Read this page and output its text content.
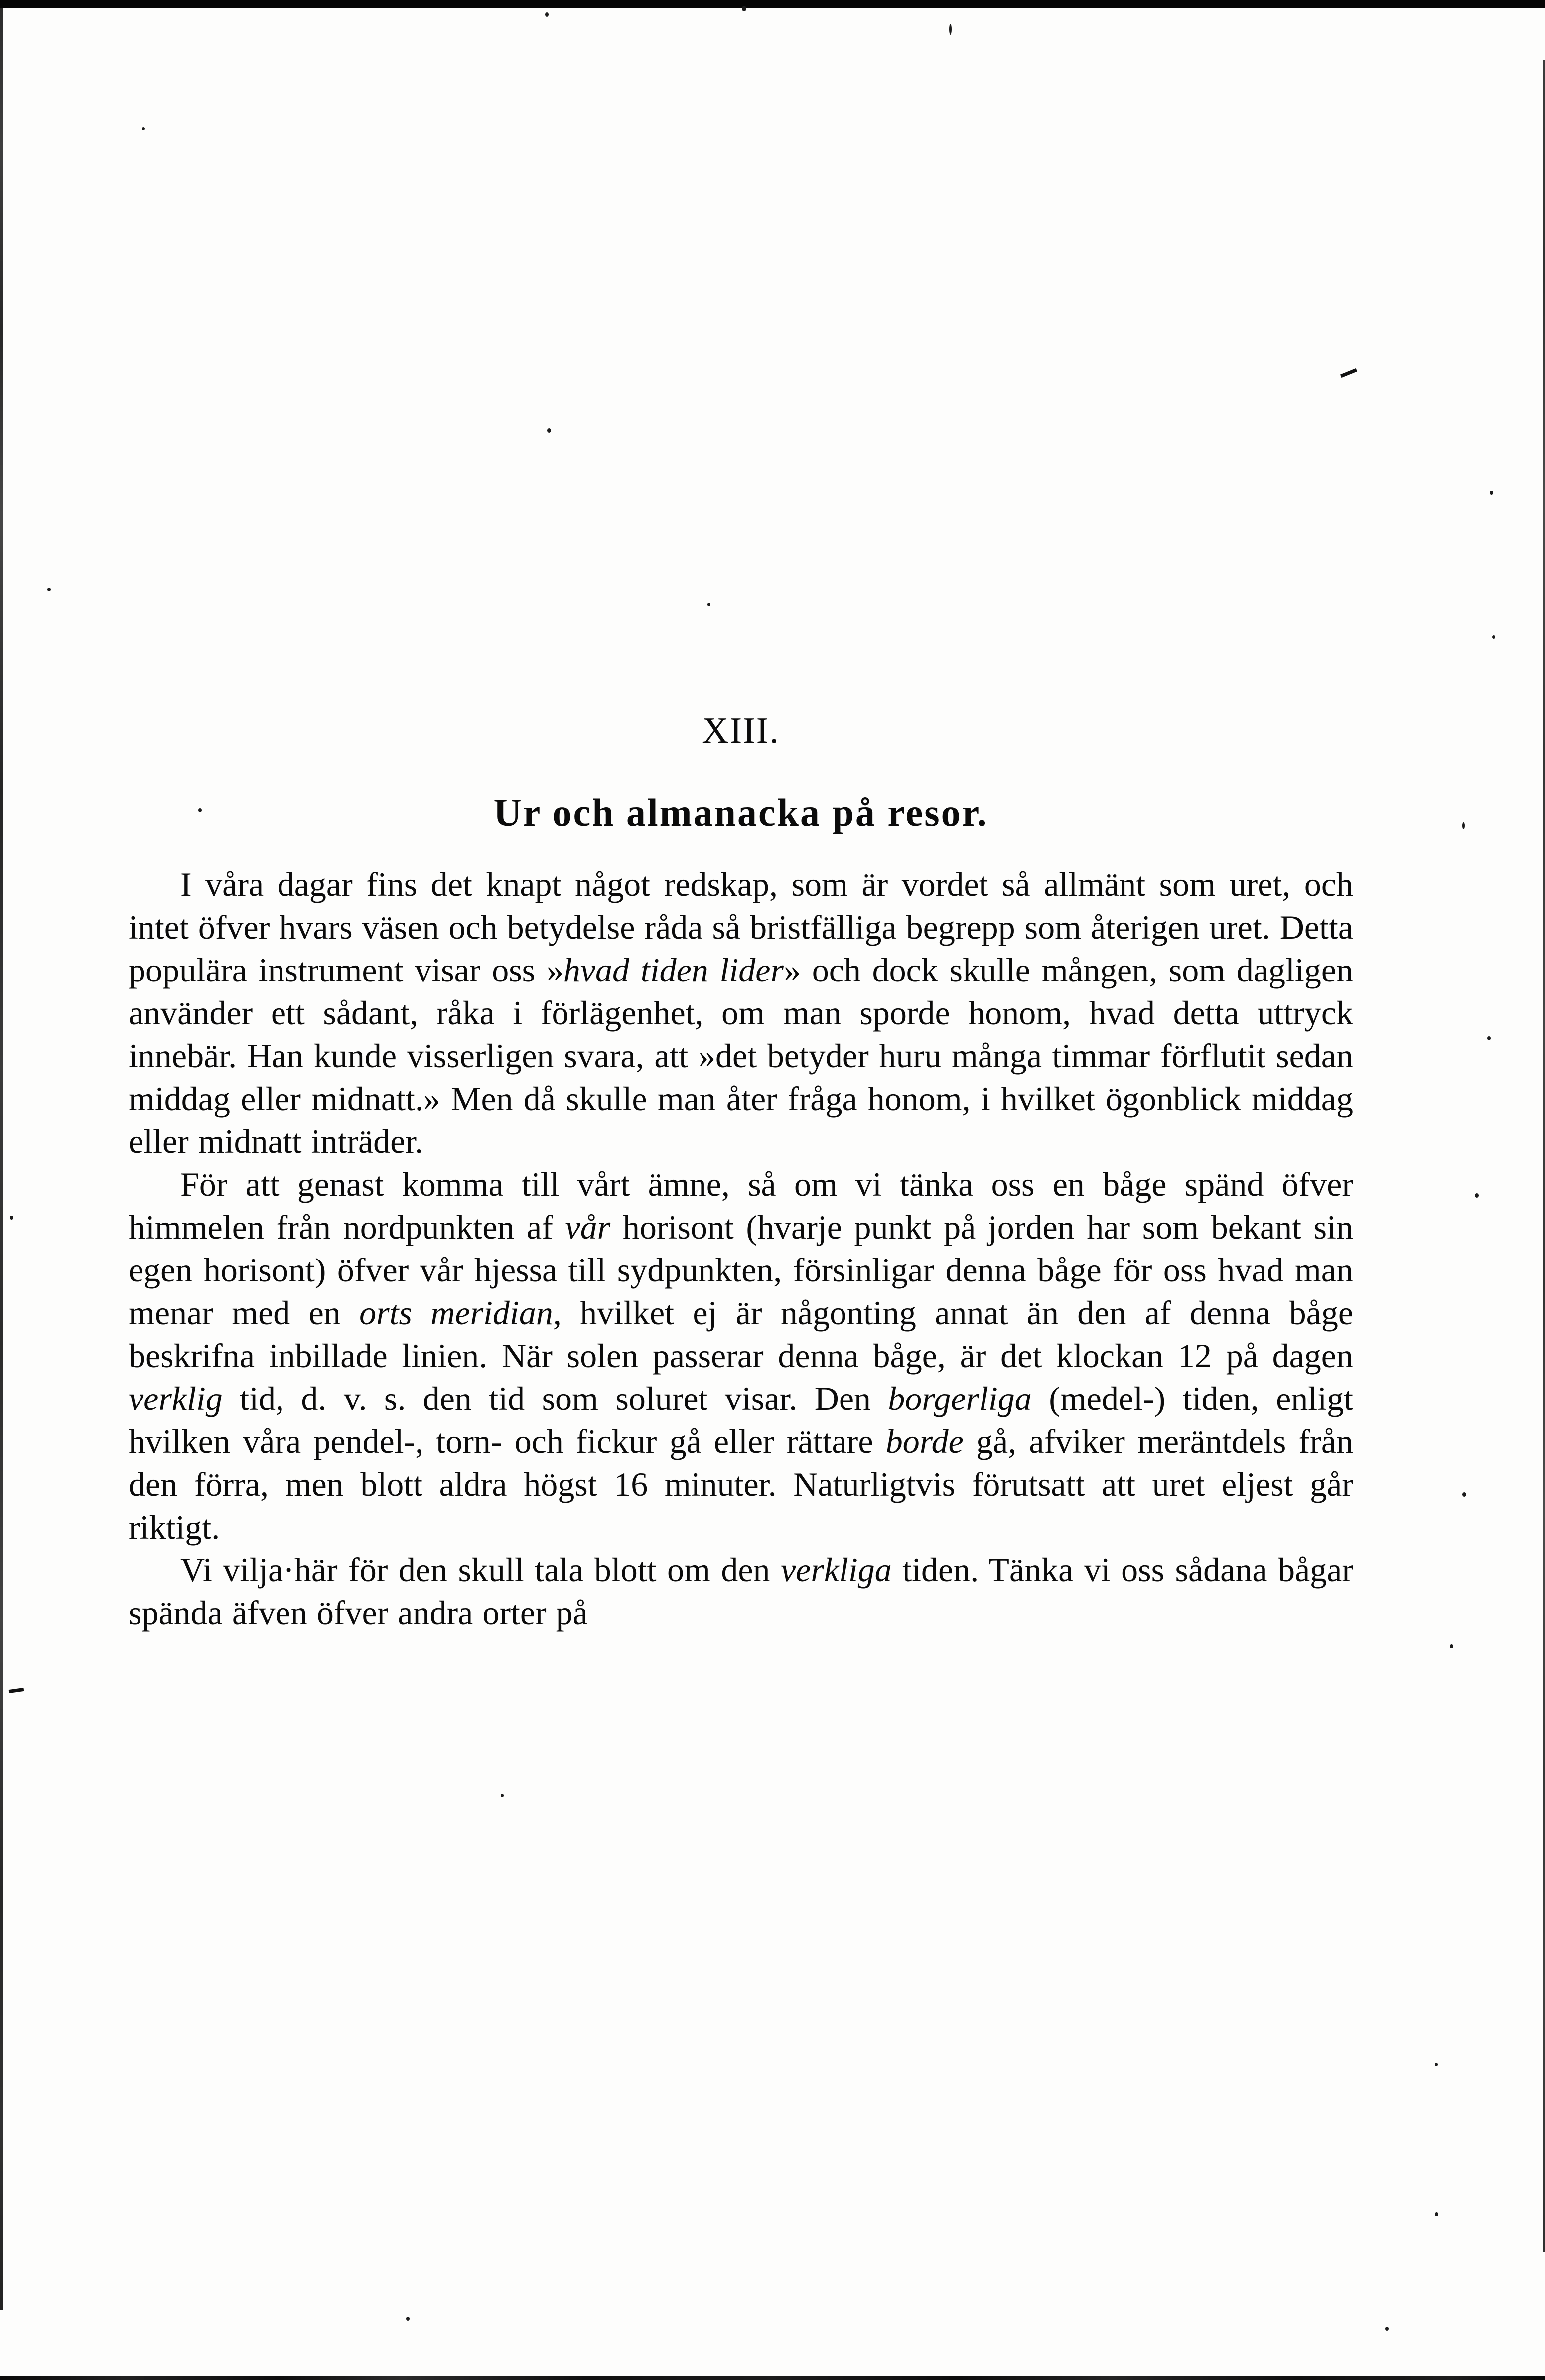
XIII.
Ur och almanacka på resor.

I våra dagar fins det knapt något redskap, som är vordet så allmänt som uret, och intet öfver hvars väsen och betydelse råda så bristfälliga begrepp som återigen uret. Detta populära instrument visar oss »hvad tiden lider» och dock skulle mången, som dagligen använder ett sådant, råka i förlägenhet, om man sporde honom, hvad detta uttryck innebär. Han kunde visserligen svara, att »det betyder huru många timmar förflutit sedan middag eller midnatt.» Men då skulle man åter fråga honom, i hvilket ögonblick middag eller midnatt inträder.

För att genast komma till vårt ämne, så om vi tänka oss en båge spänd öfver himmelen från nordpunkten af vår horisont (hvarje punkt på jorden har som bekant sin egen horisont) öfver vår hjessa till sydpunkten, försinligar denna båge för oss hvad man menar med en orts meridian, hvilket ej är någonting annat än den af denna båge beskrifna inbillade linien. När solen passerar denna båge, är det klockan 12 på dagen verklig tid, d. v. s. den tid som soluret visar. Den borgerliga (medel-) tiden, enligt hvilken våra pendel-, torn- och fickur gå eller rättare borde gå, afviker meräntdels från den förra, men blott aldra högst 16 minuter. Naturligtvis förutsatt att uret eljest går riktigt.

Vi vilja·här för den skull tala blott om den verkliga tiden. Tänka vi oss sådana bågar spända äfven öfver andra orter på
